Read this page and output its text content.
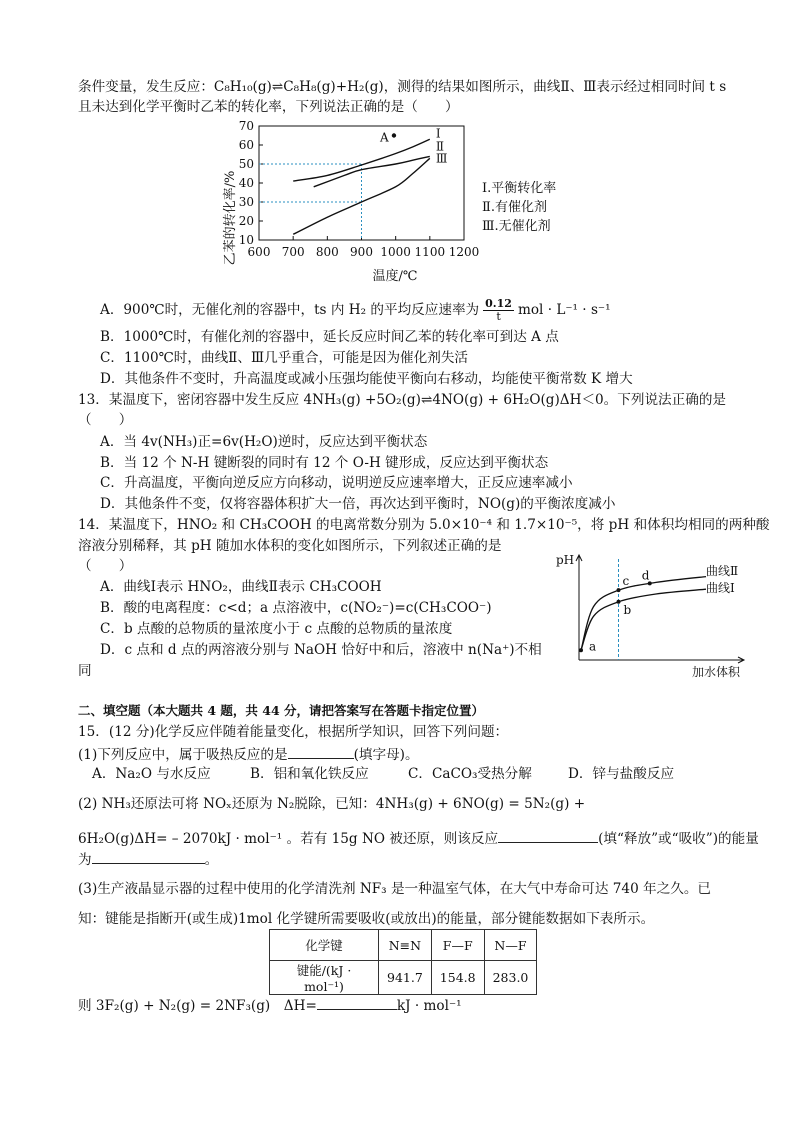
条件变量，发生反应：C₈H₁₀(g)⇌C₈H₈(g)+H₂(g)，测得的结果如图所示，曲线Ⅱ、Ⅲ表示经过相同时间 t s
且未达到化学平衡时乙苯的转化率，下列说法正确的是（　　）
600 700 800 900 1000 1100 1200
10
20
30
40
50
60
70
Ⅰ
Ⅱ
Ⅲ
A
乙苯的转化率/%
温度/℃
Ⅰ.平衡转化率
Ⅱ.有催化剂
Ⅲ.无催化剂
A．900℃时，无催化剂的容器中，ts 内 H₂ 的平均反应速率为 $\frac{0.12}{t}$ mol · L⁻¹ · s⁻¹
B．1000℃时，有催化剂的容器中，延长反应时间乙苯的转化率可到达 A 点
C．1100℃时，曲线Ⅱ、Ⅲ几乎重合，可能是因为催化剂失活
D．其他条件不变时，升高温度或减小压强均能使平衡向右移动，均能使平衡常数 K 增大
13．某温度下，密闭容器中发生反应 4NH₃(g) +5O₂(g)⇌4NO(g) + 6H₂O(g)ΔH＜0。下列说法正确的是
（　　）
A．当 4v(NH₃)正=6v(H₂O)逆时，反应达到平衡状态
B．当 12 个 N-H 键断裂的同时有 12 个 O-H 键形成，反应达到平衡状态
C．升高温度，平衡向逆反应方向移动，说明逆反应速率增大，正反应速率减小
D．其他条件不变，仅将容器体积扩大一倍，再次达到平衡时，NO(g)的平衡浓度减小
14．某温度下，HNO₂ 和 CH₃COOH 的电离常数分别为 5.0×10⁻⁴ 和 1.7×10⁻⁵，将 pH 和体积均相同的两种酸
溶液分别稀释，其 pH 随加水体积的变化如图所示，下列叙述正确的是
（　　）
A．曲线Ⅰ表示 HNO₂，曲线Ⅱ表示 CH₃COOH
B．酸的电离程度：c<d；a 点溶液中，c(NO₂⁻)=c(CH₃COO⁻)
C．b 点酸的总物质的量浓度小于 c 点酸的总物质的量浓度
D．c 点和 d 点的两溶液分别与 NaOH 恰好中和后，溶液中 n(Na⁺)不相
同
a
b
c d
pH
加水体积
曲线Ⅱ
曲线Ⅰ
二、填空题（本大题共 4 题，共 44 分，请把答案写在答题卡指定位置）
15．(12 分)化学反应伴随着能量变化，根据所学知识，回答下列问题：
(1)下列反应中，属于吸热反应的是	(填字母)。
A．Na₂O 与水反应	B．铝和氧化铁反应	C．CaCO₃受热分解	D．锌与盐酸反应
(2) NH₃还原法可将 NOₓ还原为 N₂脱除，已知：4NH₃(g) + 6NO(g) = 5N₂(g) +
6H₂O(g)ΔH= – 2070kJ · mol⁻¹ 。若有 15g NO 被还原，则该反应	(填“释放”或“吸收”)的能量
为	。
(3)生产液晶显示器的过程中使用的化学清洗剂 NF₃ 是一种温室气体，在大气中寿命可达 740 年之久。已
知：键能是指断开(或生成)1mol 化学键所需要吸收(或放出)的能量，部分键能数据如下表所示。
化学键	N≡N	F—F	N—F
键能/(kJ · mol⁻¹)	941.7	154.8	283.0
则 3F₂(g) + N₂(g) = 2NF₃(g)　ΔH=	kJ · mol⁻¹
